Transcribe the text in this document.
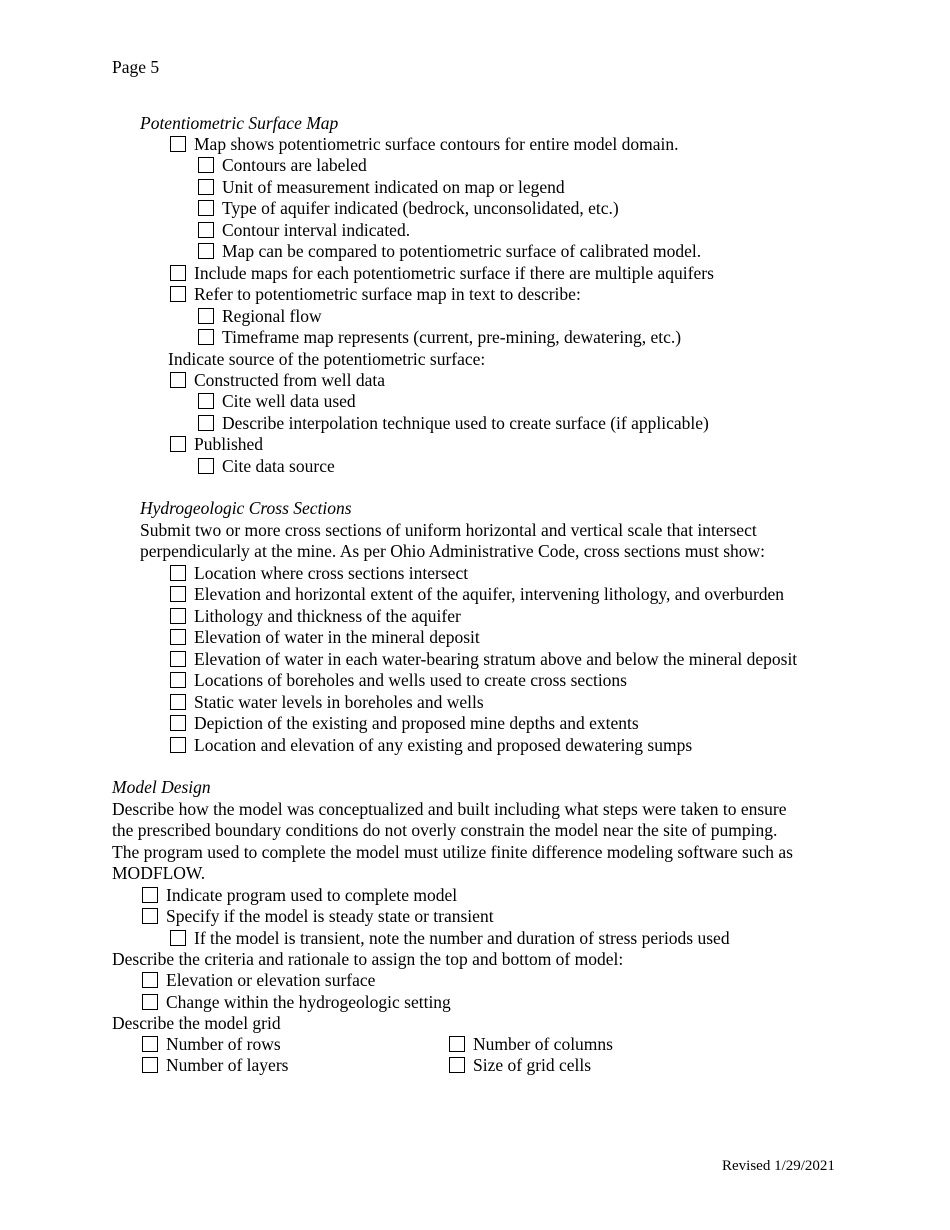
Page 5
Potentiometric Surface Map
Map shows potentiometric surface contours for entire model domain.
Contours are labeled
Unit of measurement indicated on map or legend
Type of aquifer indicated (bedrock, unconsolidated, etc.)
Contour interval indicated.
Map can be compared to potentiometric surface of calibrated model.
Include maps for each potentiometric surface if there are multiple aquifers
Refer to potentiometric surface map in text to describe:
Regional flow
Timeframe map represents (current, pre-mining, dewatering, etc.)
Indicate source of the potentiometric surface:
Constructed from well data
Cite well data used
Describe interpolation technique used to create surface (if applicable)
Published
Cite data source
Hydrogeologic Cross Sections
Submit two or more cross sections of uniform horizontal and vertical scale that intersect
perpendicularly at the mine. As per Ohio Administrative Code, cross sections must show:
Location where cross sections intersect
Elevation and horizontal extent of the aquifer, intervening lithology, and overburden
Lithology and thickness of the aquifer
Elevation of water in the mineral deposit
Elevation of water in each water-bearing stratum above and below the mineral deposit
Locations of boreholes and wells used to create cross sections
Static water levels in boreholes and wells
Depiction of the existing and proposed mine depths and extents
Location and elevation of any existing and proposed dewatering sumps
Model Design
Describe how the model was conceptualized and built including what steps were taken to ensure
the prescribed boundary conditions do not overly constrain the model near the site of pumping.
The program used to complete the model must utilize finite difference modeling software such as
MODFLOW.
Indicate program used to complete model
Specify if the model is steady state or transient
If the model is transient, note the number and duration of stress periods used
Describe the criteria and rationale to assign the top and bottom of model:
Elevation or elevation surface
Change within the hydrogeologic setting
Describe the model grid
Number of rows	Number of columns
Number of layers	Size of grid cells
Revised 1/29/2021
